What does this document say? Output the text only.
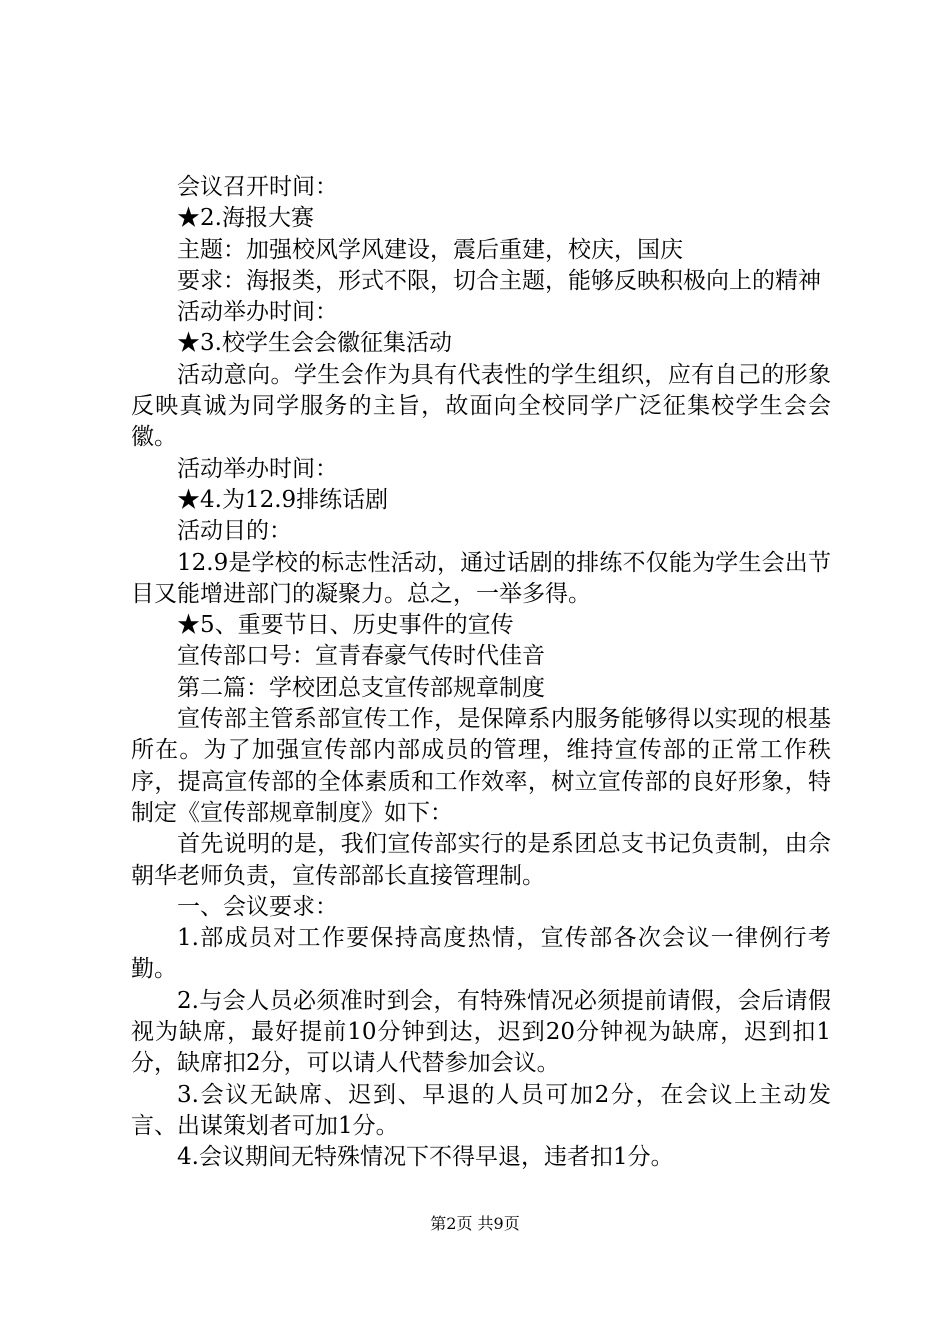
会议召开时间：

★2.海报大赛

主题：加强校风学风建设，震后重建，校庆，国庆

要求：海报类，形式不限，切合主题，能够反映积极向上的精神

活动举办时间：

★3.校学生会会徽征集活动

活动意向。学生会作为具有代表性的学生组织，应有自己的形象反映真诚为同学服务的主旨，故面向全校同学广泛征集校学生会会徽。

活动举办时间：

★4.为12.9排练话剧

活动目的：

12.9是学校的标志性活动，通过话剧的排练不仅能为学生会出节目又能增进部门的凝聚力。总之，一举多得。

★5、重要节日、历史事件的宣传

宣传部口号：宣青春豪气传时代佳音

第二篇：学校团总支宣传部规章制度

宣传部主管系部宣传工作，是保障系内服务能够得以实现的根基所在。为了加强宣传部内部成员的管理，维持宣传部的正常工作秩序，提高宣传部的全体素质和工作效率，树立宣传部的良好形象，特制定《宣传部规章制度》如下：

首先说明的是，我们宣传部实行的是系团总支书记负责制，由佘朝华老师负责，宣传部部长直接管理制。

一、会议要求：

1.部成员对工作要保持高度热情，宣传部各次会议一律例行考勤。

2.与会人员必须准时到会，有特殊情况必须提前请假，会后请假视为缺席，最好提前10分钟到达，迟到20分钟视为缺席，迟到扣1分，缺席扣2分，可以请人代替参加会议。

3.会议无缺席、迟到、早退的人员可加2分，在会议上主动发言、出谋策划者可加1分。

4.会议期间无特殊情况下不得早退，违者扣1分。

第2页 共9页
